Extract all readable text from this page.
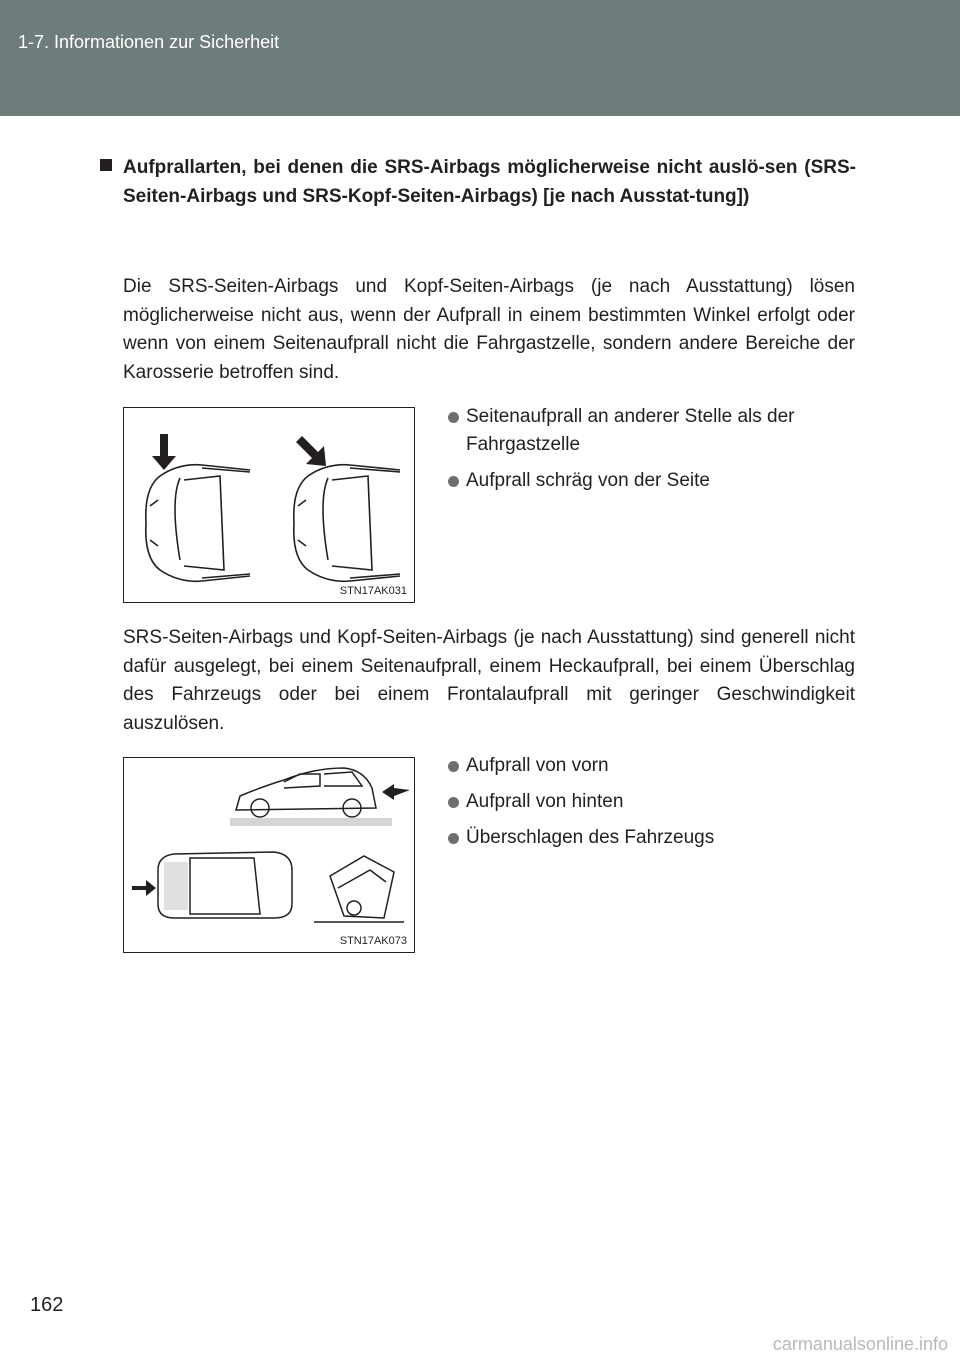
1-7. Informationen zur Sicherheit
Aufprallarten, bei denen die SRS-Airbags möglicherweise nicht auslö-sen (SRS-Seiten-Airbags und SRS-Kopf-Seiten-Airbags) [je nach Ausstat-tung])
Die SRS-Seiten-Airbags und Kopf-Seiten-Airbags (je nach Ausstattung) lösen möglicherweise nicht aus, wenn der Aufprall in einem bestimmten Winkel erfolgt oder wenn von einem Seitenaufprall nicht die Fahrgastzelle, sondern andere Bereiche der Karosserie betroffen sind.
STN17AK031
Seitenaufprall an anderer Stelle als der Fahrgastzelle
Aufprall schräg von der Seite
SRS-Seiten-Airbags und Kopf-Seiten-Airbags (je nach Ausstattung) sind generell nicht dafür ausgelegt, bei einem Seitenaufprall, einem Heckaufprall, bei einem Überschlag des Fahrzeugs oder bei einem Frontalaufprall mit geringer Geschwindigkeit auszulösen.
STN17AK073
Aufprall von vorn
Aufprall von hinten
Überschlagen des Fahrzeugs
162
carmanualsonline.info
